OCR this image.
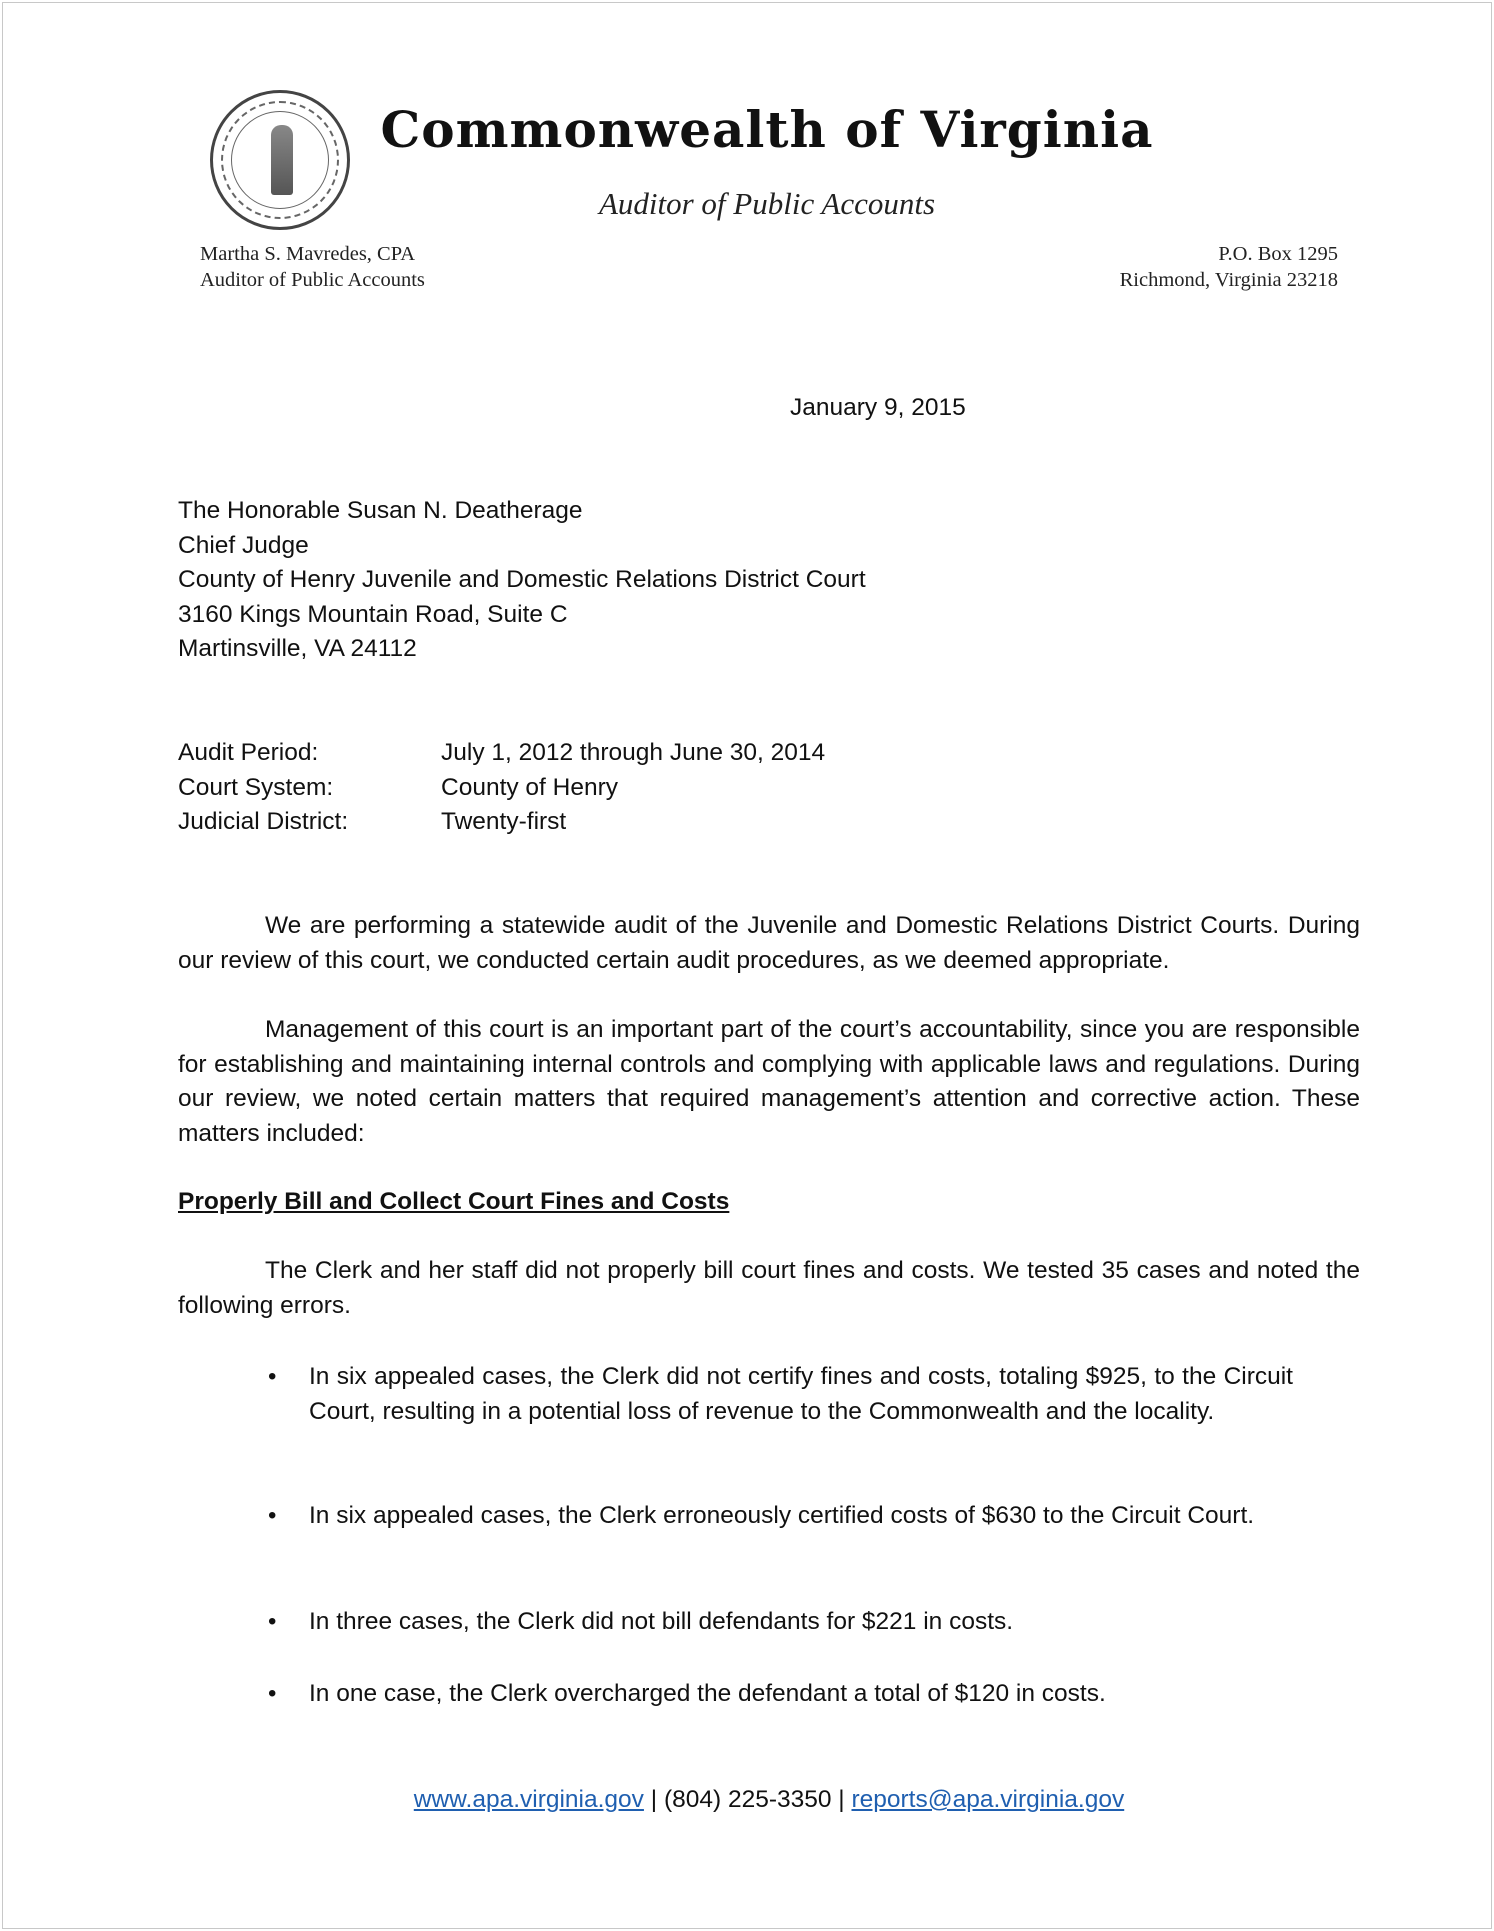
Commonwealth of Virginia
Auditor of Public Accounts
Martha S. Mavredes, CPA
Auditor of Public Accounts
P.O. Box 1295
Richmond, Virginia 23218
January 9, 2015
The Honorable Susan N. Deatherage
Chief Judge
County of Henry Juvenile and Domestic Relations District Court
3160 Kings Mountain Road, Suite C
Martinsville, VA 24112
Audit Period:	July 1, 2012 through June 30, 2014
Court System:	County of Henry
Judicial District:	Twenty-first
We are performing a statewide audit of the Juvenile and Domestic Relations District Courts. During our review of this court, we conducted certain audit procedures, as we deemed appropriate.
Management of this court is an important part of the court’s accountability, since you are responsible for establishing and maintaining internal controls and complying with applicable laws and regulations. During our review, we noted certain matters that required management’s attention and corrective action. These matters included:
Properly Bill and Collect Court Fines and Costs
The Clerk and her staff did not properly bill court fines and costs. We tested 35 cases and noted the following errors.
•	In six appealed cases, the Clerk did not certify fines and costs, totaling $925, to the Circuit Court, resulting in a potential loss of revenue to the Commonwealth and the locality.
•	In six appealed cases, the Clerk erroneously certified costs of $630 to the Circuit Court.
•	In three cases, the Clerk did not bill defendants for $221 in costs.
•	In one case, the Clerk overcharged the defendant a total of $120 in costs.
www.apa.virginia.gov | (804) 225-3350 | reports@apa.virginia.gov
